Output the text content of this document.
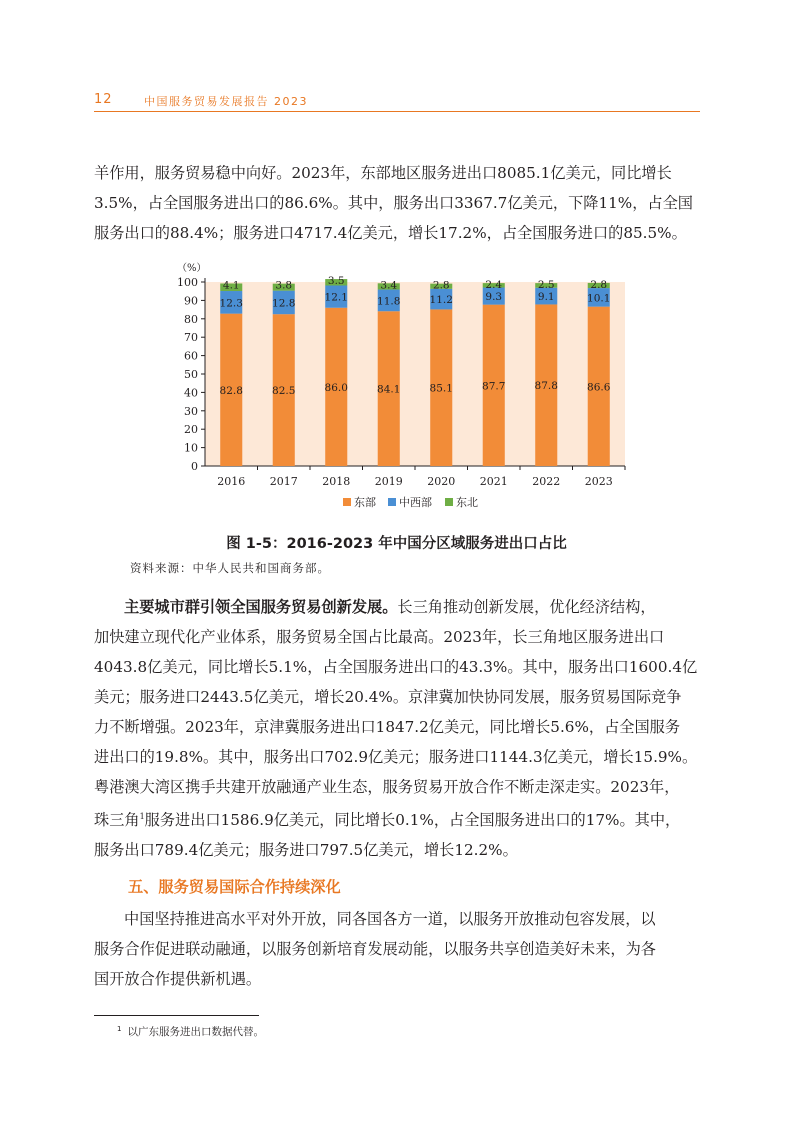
12	中国服务贸易发展报告 2023
羊作用，服务贸易稳中向好。2023年，东部地区服务进出口8085.1亿美元，同比增长
3.5%，占全国服务进出口的86.6%。其中，服务出口3367.7亿美元，下降11%，占全国
服务出口的88.4%；服务进口4717.4亿美元，增长17.2%，占全国服务进口的85.5%。
（%）
0
10
20
30
40
50
60
70
80
90
100
2016
82.8
12.3
4.1
2017
82.5
12.8
3.8
2018
86.0
12.1
3.5
2019
84.1
11.8
3.4
2020
85.1
11.2
2.8
2021
87.7
9.3
2.4
2022
87.8
9.1
2.5
2023
86.6
10.1
2.8
东部 中西部 东北
图 1-5：2016-2023 年中国分区域服务进出口占比
资料来源：中华人民共和国商务部。
主要城市群引领全国服务贸易创新发展。长三角推动创新发展，优化经济结构，
加快建立现代化产业体系，服务贸易全国占比最高。2023年，长三角地区服务进出口
4043.8亿美元，同比增长5.1%，占全国服务进出口的43.3%。其中，服务出口1600.4亿
美元；服务进口2443.5亿美元，增长20.4%。京津冀加快协同发展，服务贸易国际竞争
力不断增强。2023年，京津冀服务进出口1847.2亿美元，同比增长5.6%，占全国服务
进出口的19.8%。其中，服务出口702.9亿美元；服务进口1144.3亿美元，增长15.9%。
粤港澳大湾区携手共建开放融通产业生态，服务贸易开放合作不断走深走实。2023年，
珠三角$^1$服务进出口1586.9亿美元，同比增长0.1%，占全国服务进出口的17%。其中，
服务出口789.4亿美元；服务进口797.5亿美元，增长12.2%。
五、服务贸易国际合作持续深化
中国坚持推进高水平对外开放，同各国各方一道，以服务开放推动包容发展，以
服务合作促进联动融通，以服务创新培育发展动能，以服务共享创造美好未来，为各
国开放合作提供新机遇。
$^1$ 以广东服务进出口数据代替。
